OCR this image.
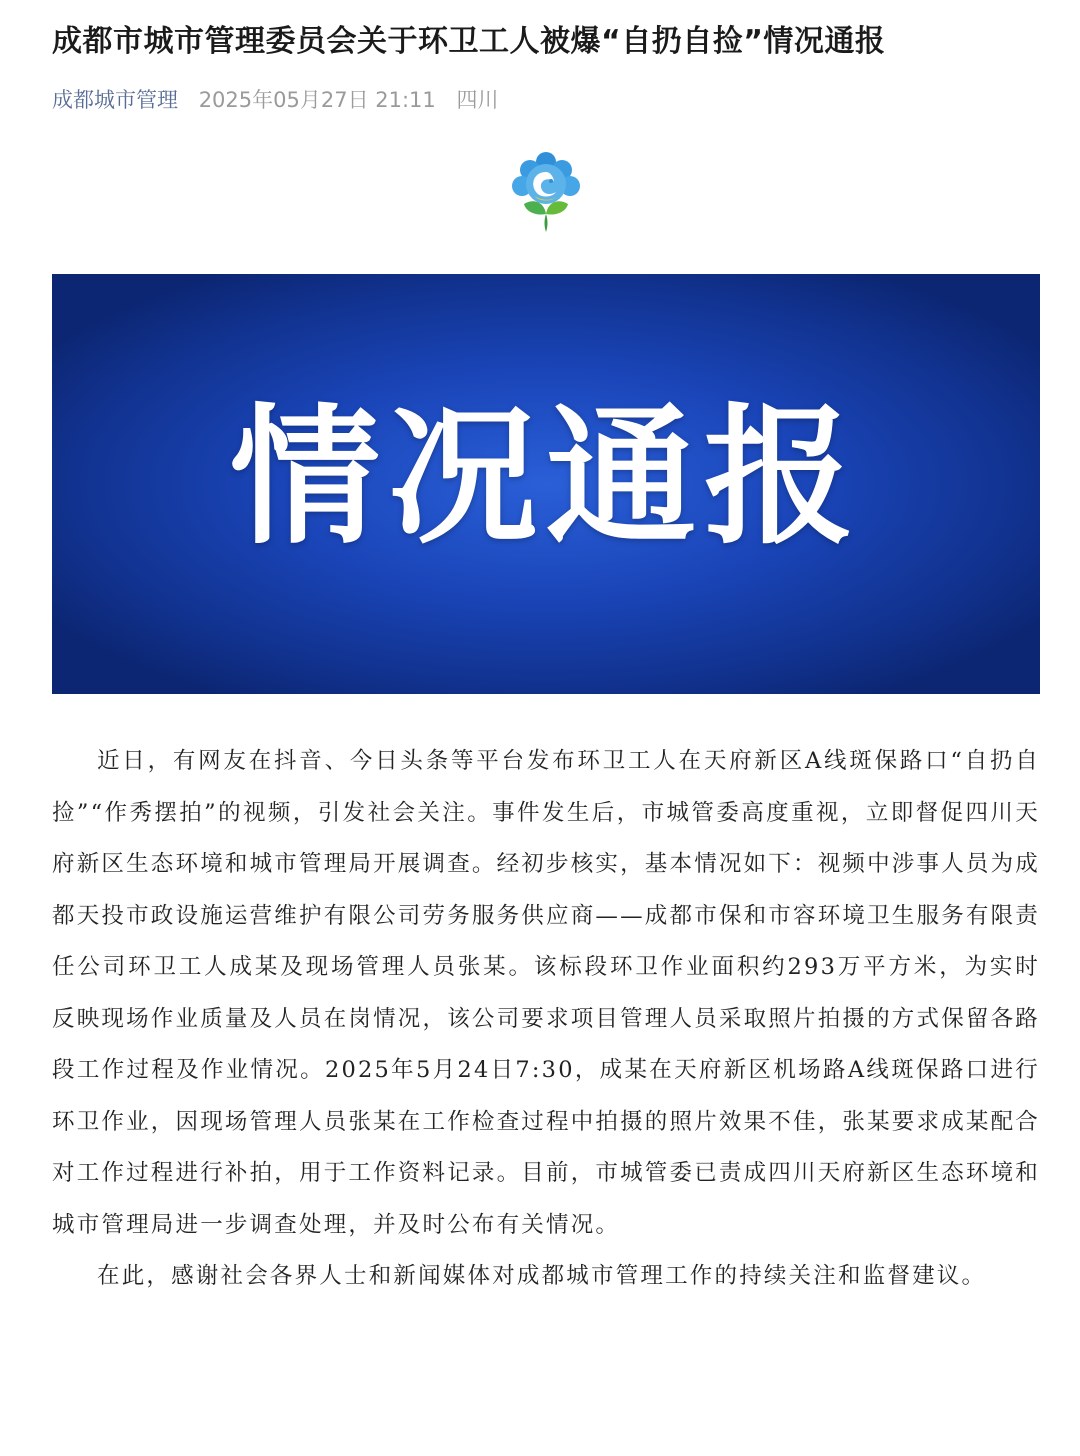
成都市城市管理委员会关于环卫工人被爆“自扔自捡”情况通报
成都城市管理 2025年05月27日 21:11 四川
情况通报

近日，有网友在抖音、今日头条等平台发布环卫工人在天府新区A线斑保路口“自扔自捡”“作秀摆拍”的视频，引发社会关注。事件发生后，市城管委高度重视，立即督促四川天府新区生态环境和城市管理局开展调查。经初步核实，基本情况如下：视频中涉事人员为成都天投市政设施运营维护有限公司劳务服务供应商——成都市保和市容环境卫生服务有限责任公司环卫工人成某及现场管理人员张某。该标段环卫作业面积约293万平方米，为实时反映现场作业质量及人员在岗情况，该公司要求项目管理人员采取照片拍摄的方式保留各路段工作过程及作业情况。2025年5月24日7:30，成某在天府新区机场路A线斑保路口进行环卫作业，因现场管理人员张某在工作检查过程中拍摄的照片效果不佳，张某要求成某配合对工作过程进行补拍，用于工作资料记录。目前，市城管委已责成四川天府新区生态环境和城市管理局进一步调查处理，并及时公布有关情况。

在此，感谢社会各界人士和新闻媒体对成都城市管理工作的持续关注和监督建议。
